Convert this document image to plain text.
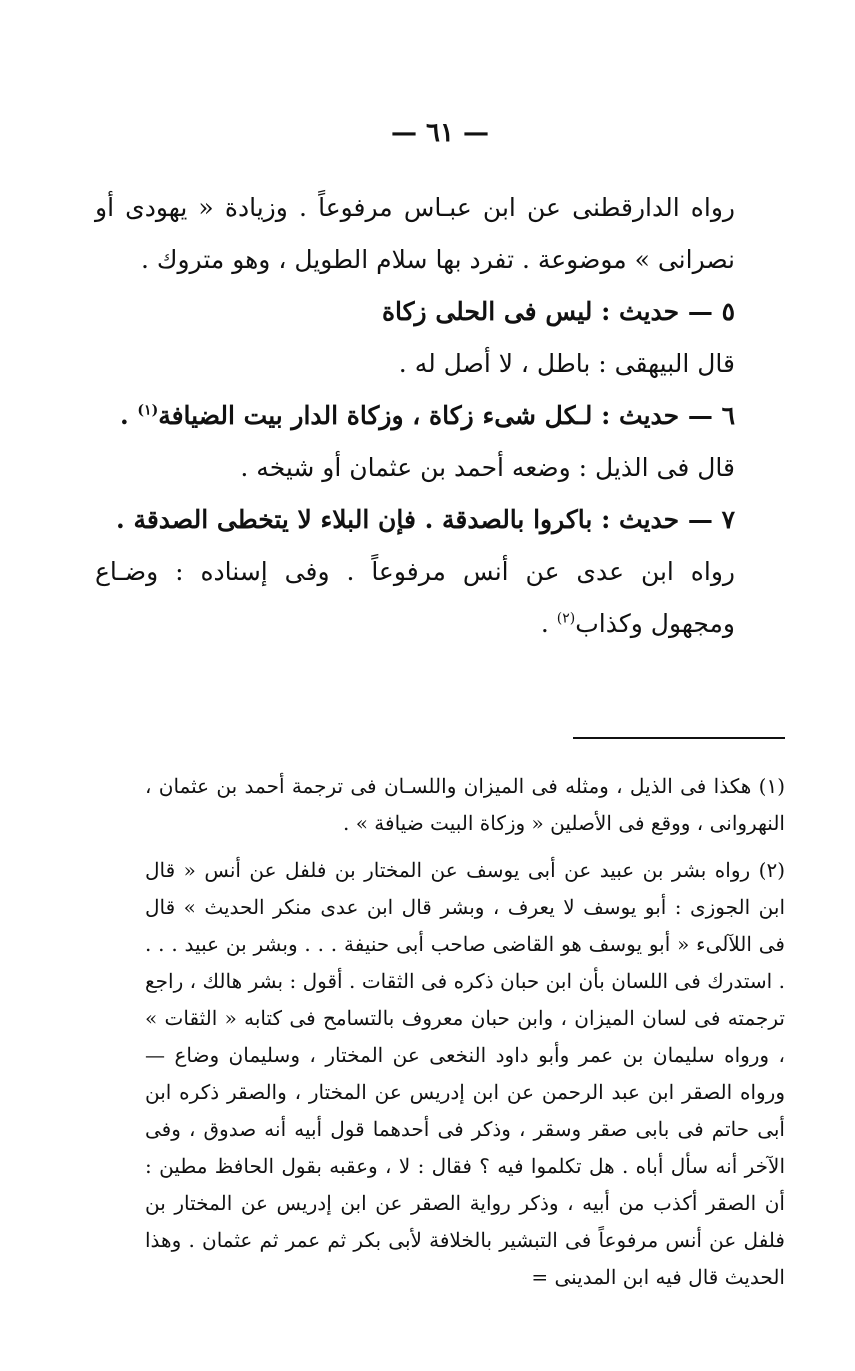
— ٦١ —

رواه الدارقطنى عن ابن عبـاس مرفوعاً . وزيادة « يهودى أو نصرانى » موضوعة . تفرد بها سلام الطويل ، وهو متروك .

٥ — حديث : ليس فى الحلى زكاة

قال البيهقى : باطل ، لا أصل له .

٦ — حديث : لـكل شىء زكاة ، وزكاة الدار بيت الضيافة$^{(١)}$ .

قال فى الذيل : وضعه أحمد بن عثمان أو شيخه .

٧ — حديث : باكروا بالصدقة . فإن البلاء لا يتخطى الصدقة .

رواه ابن عدى عن أنس مرفوعاً . وفى إسناده : وضـاع ومجهول وكذاب$^{(٢)}$ .

(١) هكذا فى الذيل ، ومثله فى الميزان واللسـان فى ترجمة أحمد بن عثمان ، النهروانى ، ووقع فى الأصلين « وزكاة البيت ضيافة » .

(٢) رواه بشر بن عبيد عن أبى يوسف عن المختار بن فلفل عن أنس « قال ابن الجوزى : أبو يوسف لا يعرف ، وبشر قال ابن عدى منكر الحديث » قال فى اللآلىء « أبو يوسف هو القاضى صاحب أبى حنيفة . . . وبشر بن عبيد . . . . استدرك فى اللسان بأن ابن حبان ذكره فى الثقات . أقول : بشر هالك ، راجع ترجمته فى لسان الميزان ، وابن حبان معروف بالتسامح فى كتابه « الثقات » ، ورواه سليمان بن عمر وأبو داود النخعى عن المختار ، وسليمان وضاع — ورواه الصقر ابن عبد الرحمن عن ابن إدريس عن المختار ، والصقر ذكره ابن أبى حاتم فى بابى صقر وسقر ، وذكر فى أحدهما قول أبيه أنه صدوق ، وفى الآخر أنه سأل أباه . هل تكلموا فيه ؟ فقال : لا ، وعقبه بقول الحافظ مطين : أن الصقر أكذب من أبيه ، وذكر رواية الصقر عن ابن إدريس عن المختار بن فلفل عن أنس مرفوعاً فى التبشير بالخلافة لأبى بكر ثم عمر ثم عثمان . وهذا الحديث قال فيه ابن المدينى =
